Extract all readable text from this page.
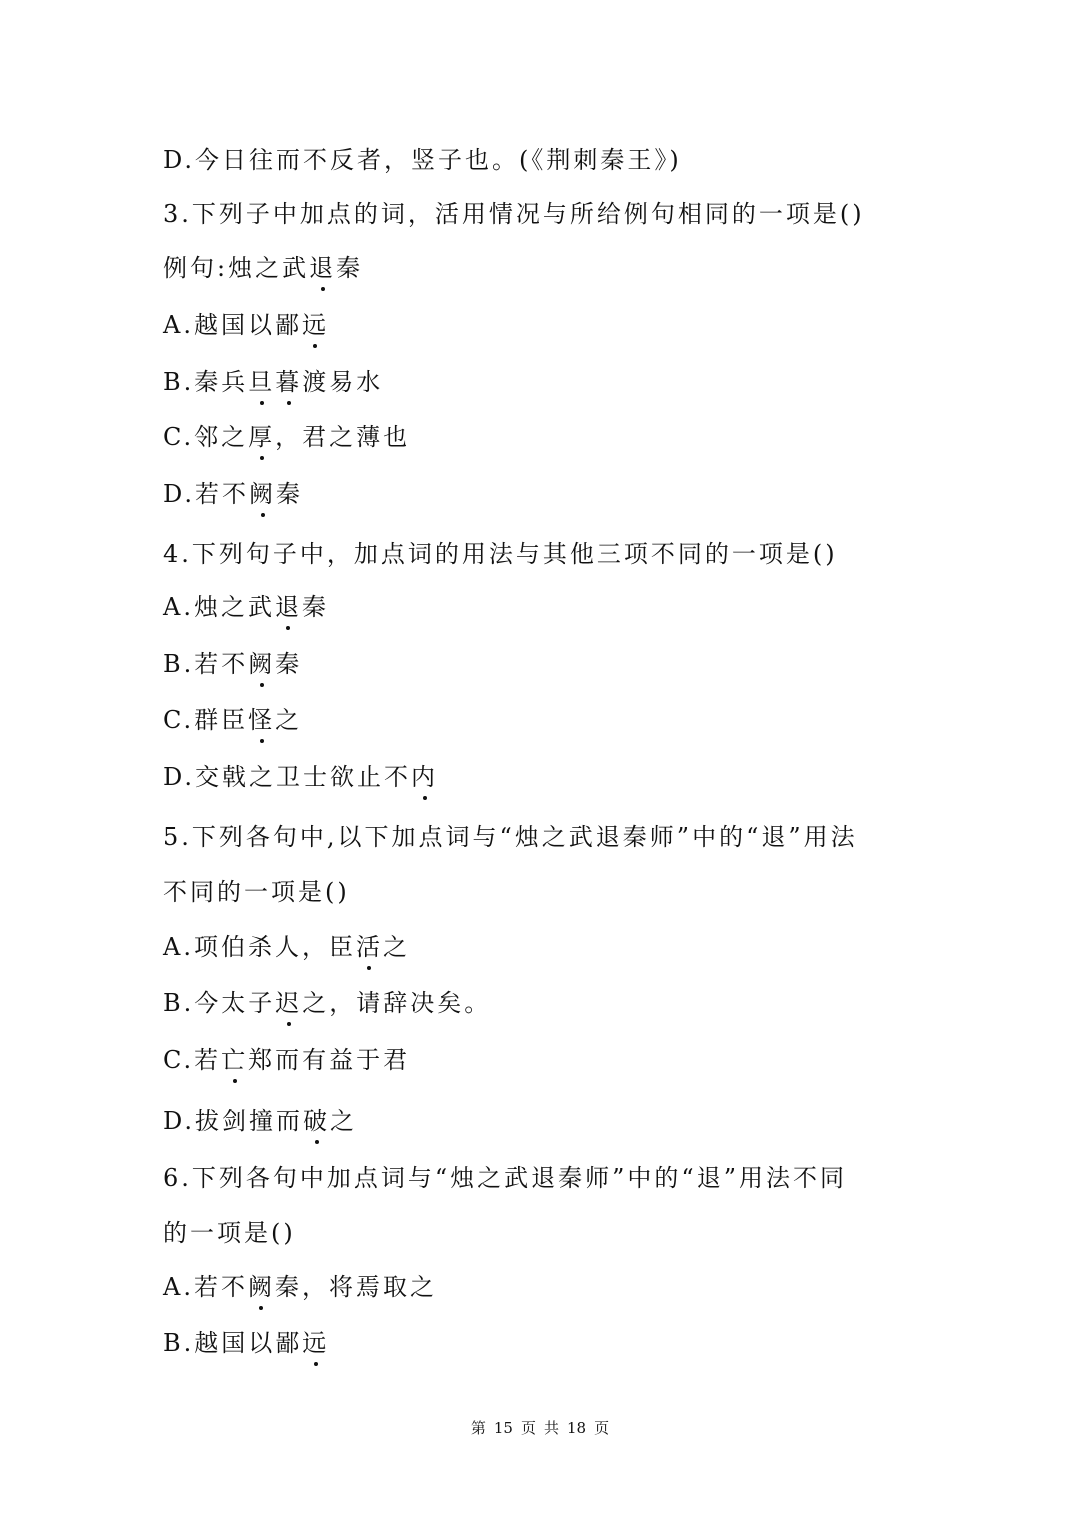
D.今日往而不反者，竖子也。(《荆刺秦王》)
3.下列子中加点的词，活用情况与所给例句相同的一项是()
例句:烛之武退秦
A.越国以鄙远
B.秦兵旦暮渡易水
C.邻之厚，君之薄也
D.若不阙秦
4.下列句子中，加点词的用法与其他三项不同的一项是()
A.烛之武退秦
B.若不阙秦
C.群臣怪之
D.交戟之卫士欲止不内
5.下列各句中,以下加点词与“烛之武退秦师”中的“退”用法
不同的一项是()
A.项伯杀人，臣活之
B.今太子迟之，请辞决矣。
C.若亡郑而有益于君
D.拔剑撞而破之
6.下列各句中加点词与“烛之武退秦师”中的“退”用法不同
的一项是()
A.若不阙秦，将焉取之
B.越国以鄙远
第 15 页 共 18 页
